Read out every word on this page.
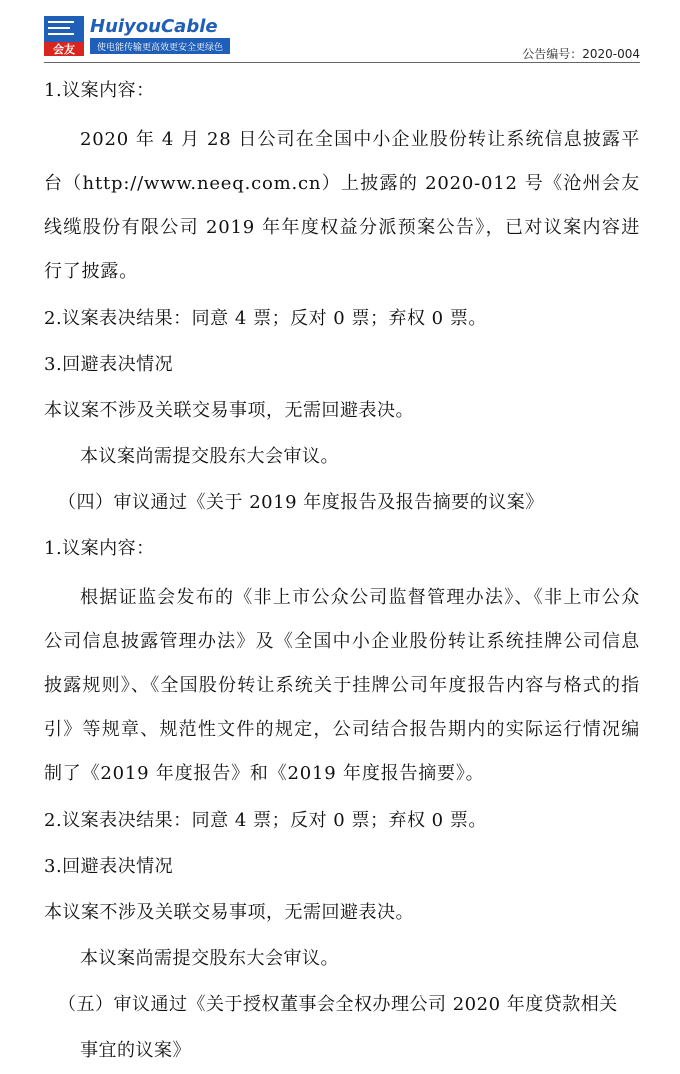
会友
HuiyouCable
使电能传输更高效更安全更绿色	公告编号：2020-004
1.议案内容：
2020 年 4 月 28 日公司在全国中小企业股份转让系统信息披露平台（http://www.neeq.com.cn）上披露的 2020-012 号《沧州会友线缆股份有限公司 2019 年年度权益分派预案公告》，已对议案内容进行了披露。
2.议案表决结果：同意 4 票；反对 0 票；弃权 0 票。
3.回避表决情况
本议案不涉及关联交易事项，无需回避表决。
本议案尚需提交股东大会审议。
（四）审议通过《关于 2019 年度报告及报告摘要的议案》
1.议案内容：
根据证监会发布的《非上市公众公司监督管理办法》、《非上市公众公司信息披露管理办法》及《全国中小企业股份转让系统挂牌公司信息披露规则》、《全国股份转让系统关于挂牌公司年度报告内容与格式的指引》等规章、规范性文件的规定，公司结合报告期内的实际运行情况编制了《2019 年度报告》和《2019 年度报告摘要》。
2.议案表决结果：同意 4 票；反对 0 票；弃权 0 票。
3.回避表决情况
本议案不涉及关联交易事项，无需回避表决。
本议案尚需提交股东大会审议。
（五）审议通过《关于授权董事会全权办理公司 2020 年度贷款相关
事宜的议案》
